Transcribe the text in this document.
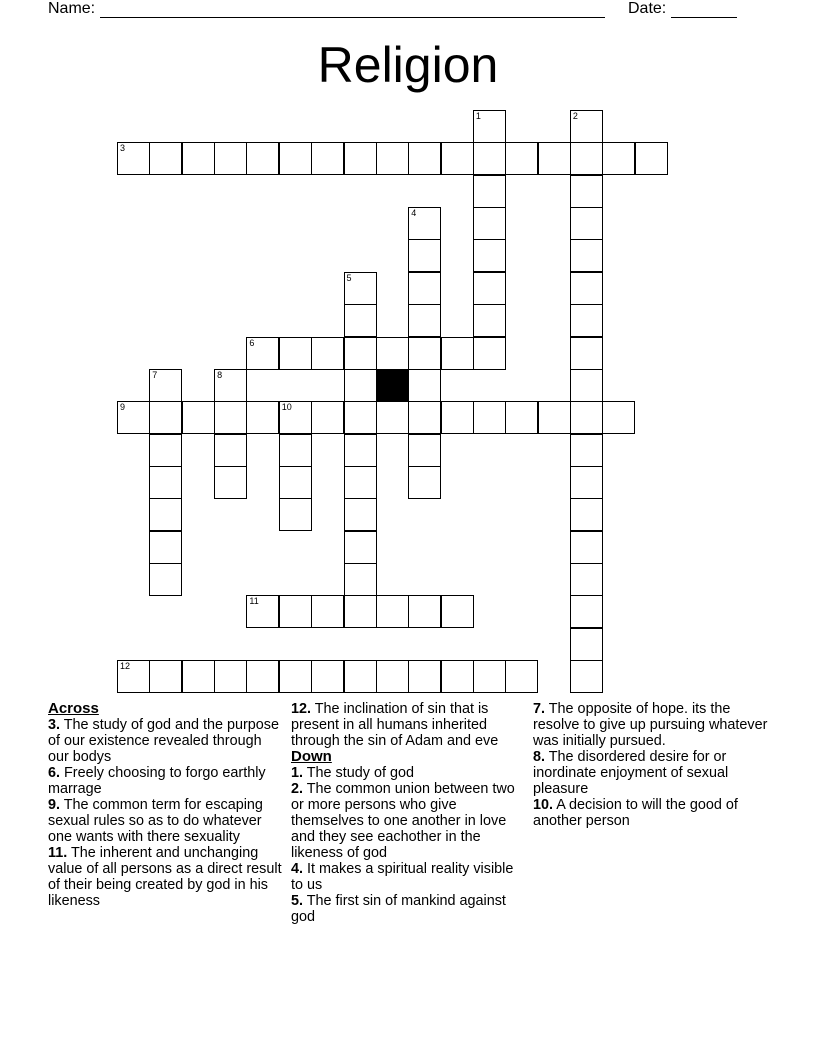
Name:	Date:
Religion
3
6
9	10
11
12
1	2
4
5
7	8

Across

3. The study of god and the purpose of our existence revealed through our bodys

6. Freely choosing to forgo earthly marrage

9. The common term for escaping sexual rules so as to do whatever one wants with there sexuality

11. The inherent and unchanging value of all persons as a direct result of their being created by god in his likeness

12. The inclination of sin that is present in all humans inherited through the sin of Adam and eve

Down

1. The study of god

2. The common union between two or more persons who give themselves to one another in love and they see eachother in the likeness of god

4. It makes a spiritual reality visible to us

5. The first sin of mankind against god

7. The opposite of hope. its the resolve to give up pursuing whatever was initially pursued.

8. The disordered desire for or inordinate enjoyment of sexual pleasure

10. A decision to will the good of another person
